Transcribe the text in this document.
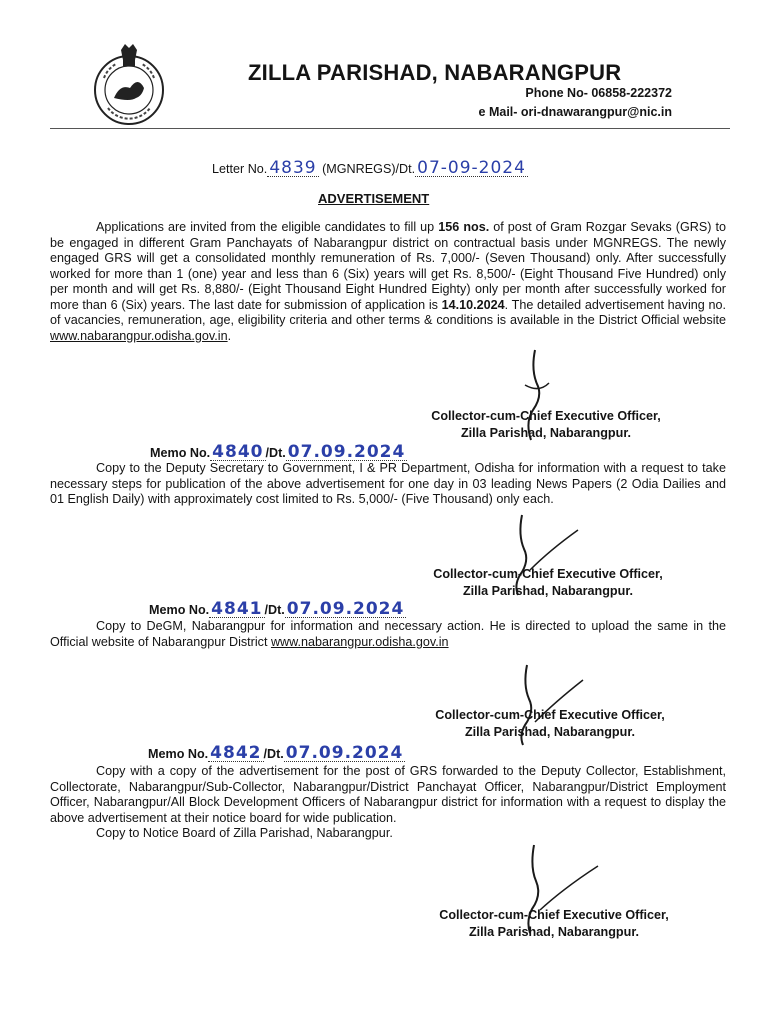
ZILLA PARISHAD, NABARANGPUR
Phone No- 06858-222372
e Mail- ori-dnawarangpur@nic.in
Letter No. 4839 (MGNREGS)/Dt. 07-09-2024
ADVERTISEMENT

Applications are invited from the eligible candidates to fill up 156 nos. of post of Gram Rozgar Sevaks (GRS) to be engaged in different Gram Panchayats of Nabarangpur district on contractual basis under MGNREGS. The newly engaged GRS will get a consolidated monthly remuneration of Rs. 7,000/- (Seven Thousand) only. After successfully worked for more than 1 (one) year and less than 6 (Six) years will get Rs. 8,500/- (Eight Thousand Five Hundred) only per month and will get Rs. 8,880/- (Eight Thousand Eight Hundred Eighty) only per month after successfully worked for more than 6 (Six) years. The last date for submission of application is 14.10.2024. The detailed advertisement having no. of vacancies, remuneration, age, eligibility criteria and other terms & conditions is available in the District Official website www.nabarangpur.odisha.gov.in.

Collector-cum-Chief Executive Officer,
Zilla Parishad, Nabarangpur.
Memo No. 4840 /Dt. 07.09.2024

Copy to the Deputy Secretary to Government, I & PR Department, Odisha for information with a request to take necessary steps for publication of the above advertisement for one day in 03 leading News Papers (2 Odia Dailies and 01 English Daily) with approximately cost limited to Rs. 5,000/- (Five Thousand) only each.

Collector-cum-Chief Executive Officer,
Zilla Parishad, Nabarangpur.
Memo No. 4841 /Dt. 07.09.2024

Copy to DeGM, Nabarangpur for information and necessary action. He is directed to upload the same in the Official website of Nabarangpur District www.nabarangpur.odisha.gov.in

Collector-cum-Chief Executive Officer,
Zilla Parishad, Nabarangpur.
Memo No. 4842 /Dt. 07.09.2024

Copy with a copy of the advertisement for the post of GRS forwarded to the Deputy Collector, Establishment, Collectorate, Nabarangpur/Sub-Collector, Nabarangpur/District Panchayat Officer, Nabarangpur/District Employment Officer, Nabarangpur/All Block Development Officers of Nabarangpur district for information with a request to display the above advertisement at their notice board for wide publication.

Copy to Notice Board of Zilla Parishad, Nabarangpur.

Collector-cum-Chief Executive Officer,
Zilla Parishad, Nabarangpur.
